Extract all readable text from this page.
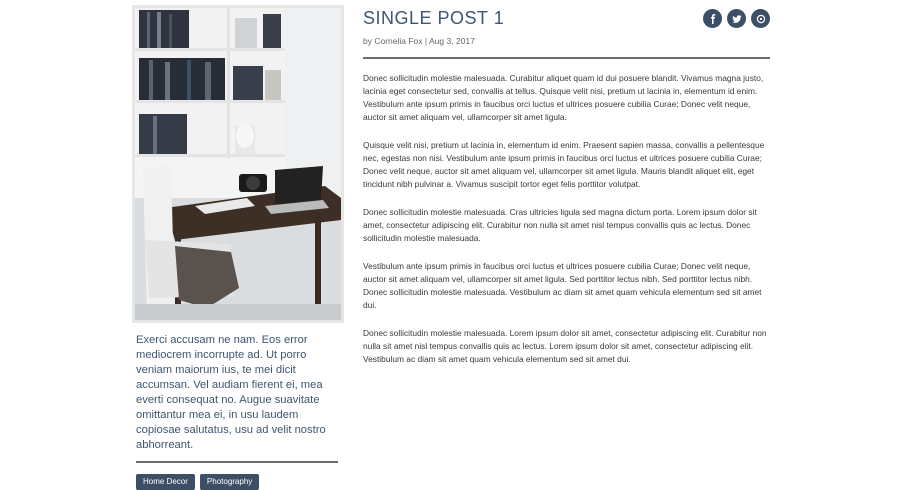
Exerci accusam ne nam. Eos error mediocrem incorrupte ad. Ut porro veniam maiorum ius, te mei dicit accumsan. Vel audiam fierent ei, mea everti consequat no. Augue suavitate omittantur mea ei, in usu laudem copiosae salutatus, usu ad velit nostro abhorreant.
Home Decor	Photography
SINGLE POST 1
by Cornelia Fox | Aug 3, 2017

Donec sollicitudin molestie malesuada. Curabitur aliquet quam id dui posuere blandit. Vivamus magna justo, lacinia eget consectetur sed, convallis at tellus. Quisque velit nisi, pretium ut lacinia in, elementum id enim. Vestibulum ante ipsum primis in faucibus orci luctus et ultrices posuere cubilia Curae; Donec velit neque, auctor sit amet aliquam vel, ullamcorper sit amet ligula.

Quisque velit nisi, pretium ut lacinia in, elementum id enim. Praesent sapien massa, convallis a pellentesque nec, egestas non nisi. Vestibulum ante ipsum primis in faucibus orci luctus et ultrices posuere cubilia Curae; Donec velit neque, auctor sit amet aliquam vel, ullamcorper sit amet ligula. Mauris blandit aliquet elit, eget tincidunt nibh pulvinar a. Vivamus suscipit tortor eget felis porttitor volutpat.

Donec sollicitudin molestie malesuada. Cras ultricies ligula sed magna dictum porta. Lorem ipsum dolor sit amet, consectetur adipiscing elit. Curabitur non nulla sit amet nisl tempus convallis quis ac lectus. Donec sollicitudin molestie malesuada.

Vestibulum ante ipsum primis in faucibus orci luctus et ultrices posuere cubilia Curae; Donec velit neque, auctor sit amet aliquam vel, ullamcorper sit amet ligula. Sed porttitor lectus nibh. Sed porttitor lectus nibh. Donec sollicitudin molestie malesuada. Vestibulum ac diam sit amet quam vehicula elementum sed sit amet dui.

Donec sollicitudin molestie malesuada. Lorem ipsum dolor sit amet, consectetur adipiscing elit. Curabitur non nulla sit amet nisl tempus convallis quis ac lectus. Lorem ipsum dolor sit amet, consectetur adipiscing elit. Vestibulum ac diam sit amet quam vehicula elementum sed sit amet dui.
